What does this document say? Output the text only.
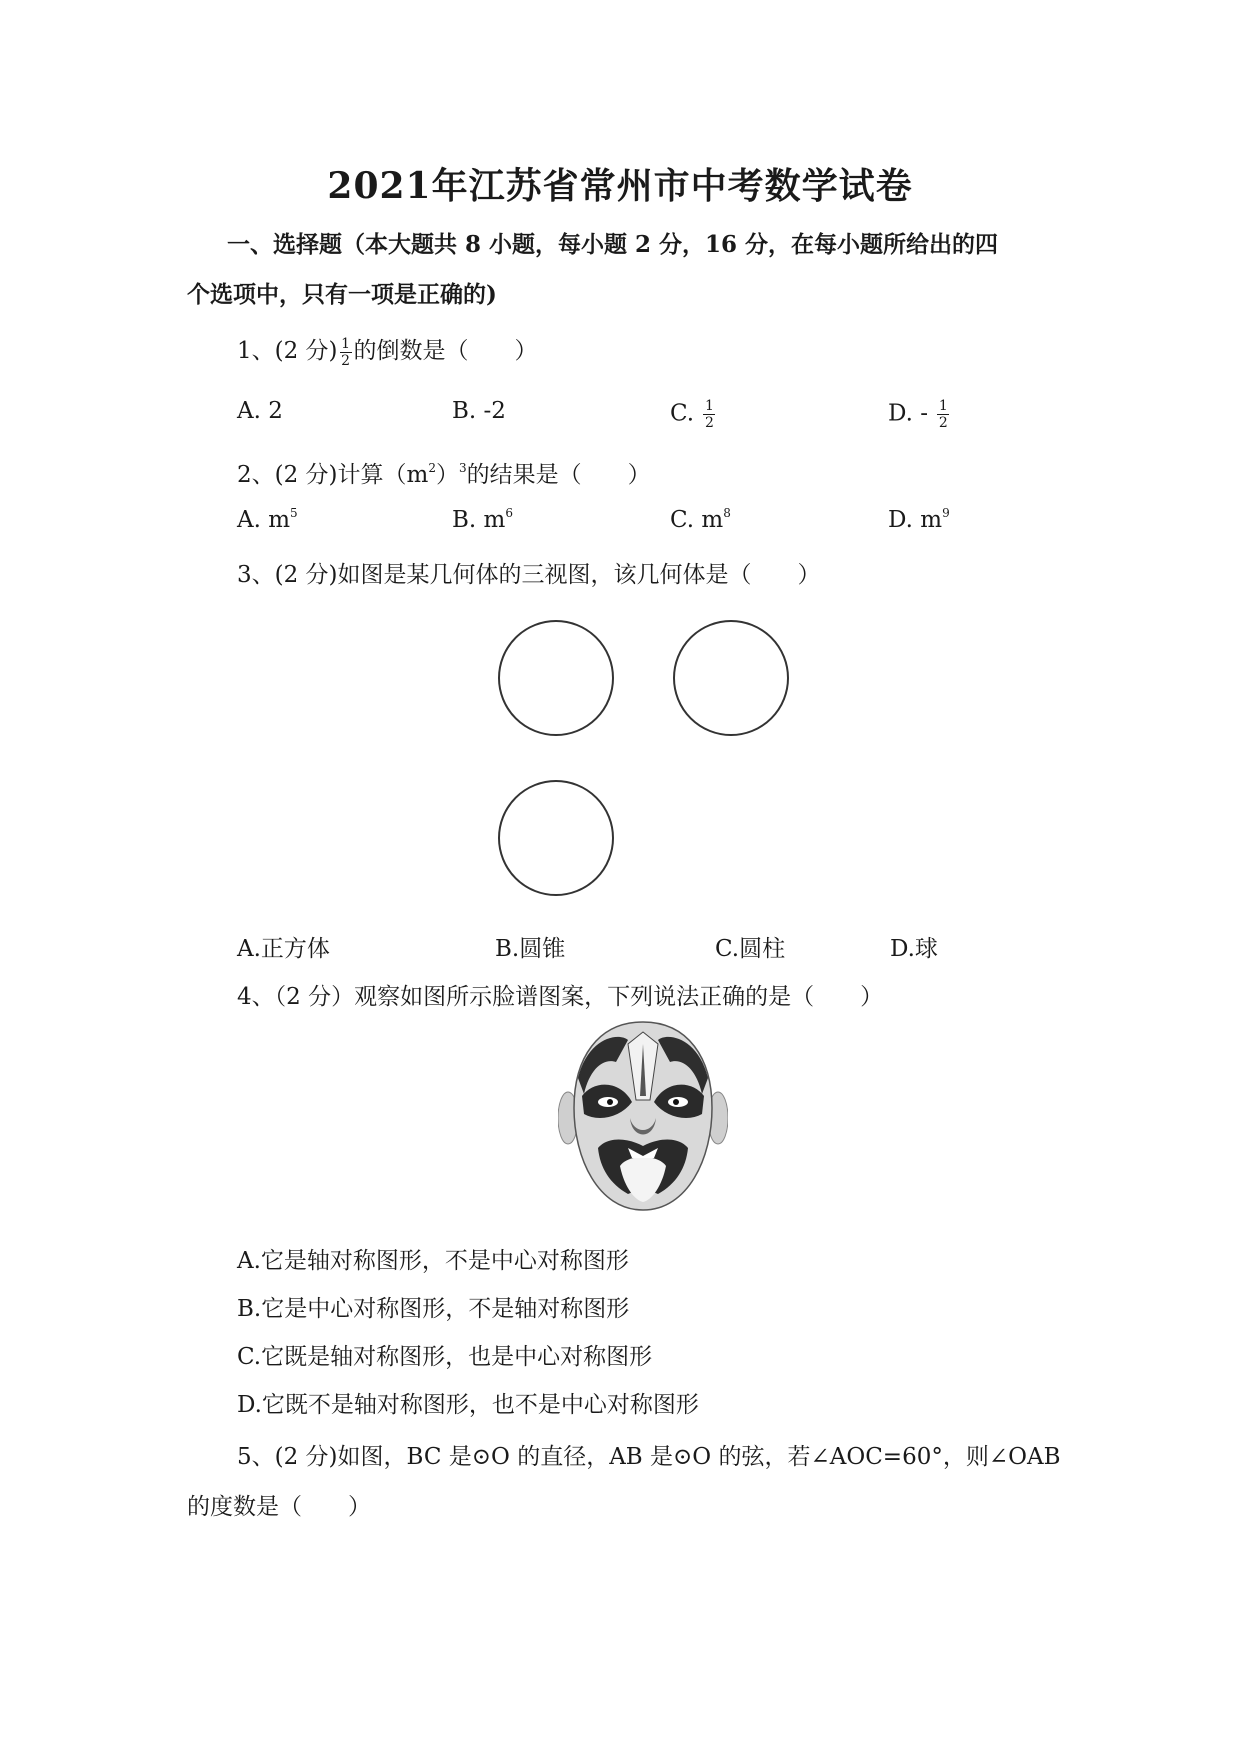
2021年江苏省常州市中考数学试卷
一、选择题（本大题共 8 小题，每小题 2 分，16 分，在每小题所给出的四
个选项中，只有一项是正确的)
1、(2 分) $\frac{1}{2}$ 的倒数是（　　）
A. 2	B. -2	C. $\frac{1}{2}$	D. - $\frac{1}{2}$
2、(2 分)计算$(m^2)^3$的结果是（　　）
A. $m^5$	B. $m^6$	C. $m^8$	D. $m^9$
3、(2 分)如图是某几何体的三视图，该几何体是（　　）
A.正方体	B.圆锥	C.圆柱	D.球
4、（2 分）观察如图所示脸谱图案，下列说法正确的是（　　）
A.它是轴对称图形，不是中心对称图形
B.它是中心对称图形，不是轴对称图形
C.它既是轴对称图形，也是中心对称图形
D.它既不是轴对称图形，也不是中心对称图形
5、(2 分)如图，BC 是⊙O 的直径，AB 是⊙O 的弦，若∠AOC=60°，则∠OAB
的度数是（　　）
